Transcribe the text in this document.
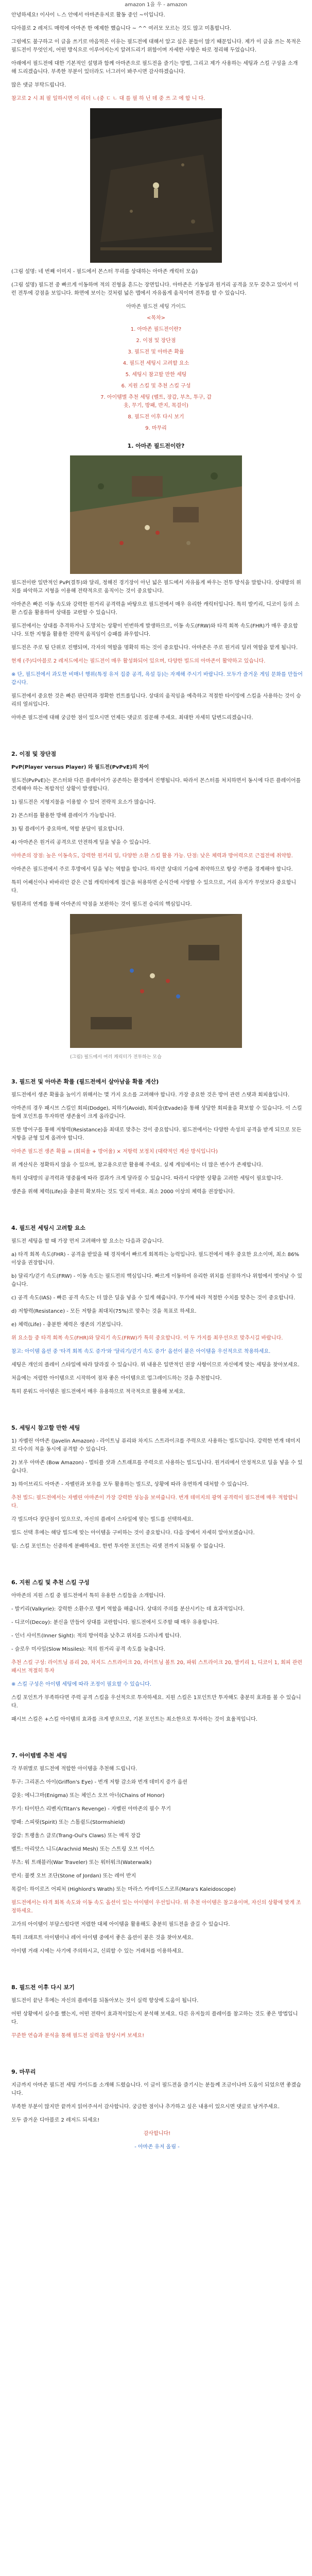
amazon 1을 우 - amazon
안녕하세요! 이사이 ㄴ스 안에서 아마존유저로 활동 중인 ~이입니다.
디아블로 2 레저드 매력에 아마존 한 예제한 했습니다 ~ ^^ 여러모 모르는 것도 많고 미흡합니다.
그럼에도 불구하고 이 글을 쓰기로 마음먹은 이유는 필드전에 대해서 알고 싶은 분들이 많기 때문입니다. 제가 이 글을 쓰는 목적은 필드전이 무엇인지, 어떤 방식으로 이루어지는지 알려드리기 위함이며 자세한 사항은 따로 정리해 두었습니다.
아래에서 필드전에 대한 기본적인 설명과 함께 아마존으로 필드전을 즐기는 방법, 그리고 제가 사용하는 세팅과 스킬 구성을 소개해 드리겠습니다. 부족한 부분이 있더라도 너그러이 봐주시면 감사하겠습니다.
많은 댓글 부탁드립니다.
참고로 2 시 최 필 일하시면 이 리더 ㄴ(중 ㄷ ㄴ 대 를 필 하 닌 데 중 쓰 고 에 합 니 다.
(그림 설명: 네 번째 이미지 - 필드에서 몬스터 무리를 상대하는 아마존 캐릭터 모습)
(그림 설명) 필드전 중 빠르게 이동하며 적의 진형을 흔드는 장면입니다. 아마존은 기동성과 원거리 공격을 모두 갖추고 있어서 이런 전투에 강점을 보입니다. 화면에 보이는 것처럼 넓은 맵에서 자유롭게 움직이며 전투를 할 수 있습니다.
아마존 필드전 세팅 가이드
<목차>
1. 아마존 필드전이란?
2. 이점 및 장단점
3. 필드전 및 아마존 확률
4. 필드전 세팅시 고려할 요소
5. 세팅시 참고할 만한 세팅
6. 지원 스킬 및 추천 스킬 구성
7. 아이템별 추천 세팅 (벨트, 장갑, 부츠, 투구, 갑옷, 무기, 방패, 반지, 목걸이)
8. 필드전 이후 다시 보기
9. 마무리
1. 아마존 필드전이란?
필드전이란 일반적인 PvP(결투)와 달리, 정해진 경기장이 아닌 넓은 필드에서 자유롭게 싸우는 전투 방식을 말합니다. 상대방의 위치를 파악하고 지형을 이용해 전략적으로 움직이는 것이 중요합니다.
아마존은 빠른 이동 속도와 강력한 원거리 공격력을 바탕으로 필드전에서 매우 유리한 캐릭터입니다. 특히 발키리, 디코이 등의 소환 스킬을 활용하여 상대를 교란할 수 있습니다.
필드전에서는 상대를 추격하거나 도망치는 상황이 빈번하게 발생하므로, 이동 속도(FRW)와 타격 회복 속도(FHR)가 매우 중요합니다. 또한 지형을 활용한 전략적 움직임이 승패를 좌우합니다.
필드전은 주로 팀 단위로 진행되며, 각자의 역할을 명확히 하는 것이 중요합니다. 아마존은 주로 원거리 딜러 역할을 맡게 됩니다.
현재 (주)디아블로 2 레저드에서는 필드전이 매우 활성화되어 있으며, 다양한 빌드의 아마존이 활약하고 있습니다.
※ 단, 필드전에서 과도한 비매너 행위(특정 유저 집중 공격, 욕설 등)는 자제해 주시기 바랍니다. 모두가 즐거운 게임 문화를 만들어 갑시다.
필드전에서 중요한 것은 빠른 판단력과 정확한 컨트롤입니다. 상대의 움직임을 예측하고 적절한 타이밍에 스킬을 사용하는 것이 승리의 열쇠입니다.
아마존 필드전에 대해 궁금한 점이 있으시면 언제든 댓글로 질문해 주세요. 최대한 자세히 답변드리겠습니다.
2. 이점 및 장단점
PvP(Player versus Player) 와 필드전(PvPvE)의 차이
필드전(PvPvE)는 몬스터와 다른 플레이어가 공존하는 환경에서 진행됩니다. 따라서 몬스터를 처치하면서 동시에 다른 플레이어를 견제해야 하는 복합적인 상황이 발생합니다.
1) 필드전은 지형지물을 이용할 수 있어 전략적 요소가 많습니다.
2) 몬스터를 활용한 방해 플레이가 가능합니다.
3) 팀 플레이가 중요하며, 역할 분담이 필요합니다.
4) 아마존은 원거리 공격으로 안전하게 딜을 넣을 수 있습니다.
아마존의 장점: 높은 이동속도, 강력한 원거리 딜, 다양한 소환 스킬 활용 가능. 단점: 낮은 체력과 방어력으로 근접전에 취약함.
아마존은 필드전에서 주로 후방에서 딜을 넣는 역할을 합니다. 하지만 상대의 기습에 취약하므로 항상 주변을 경계해야 합니다.
특히 어쌔신이나 바바리안 같은 근접 캐릭터에게 접근을 허용하면 순식간에 사망할 수 있으므로, 거리 유지가 무엇보다 중요합니다.
팀원과의 연계를 통해 아마존의 약점을 보완하는 것이 필드전 승리의 핵심입니다.
(그림) 필드에서 여러 캐릭터가 전투하는 모습
3. 필드전 및 아마존 확률 (필드전에서 살아남을 확률 계산)
필드전에서 생존 확률을 높이기 위해서는 몇 가지 요소를 고려해야 합니다. 가장 중요한 것은 방어 관련 스탯과 회피율입니다.
아마존의 경우 패시브 스킬인 회피(Dodge), 피하기(Avoid), 회피술(Evade)을 통해 상당한 회피율을 확보할 수 있습니다. 이 스킬들에 포인트를 투자하면 생존율이 크게 올라갑니다.
또한 방어구를 통해 저항력(Resistance)을 최대로 맞추는 것이 중요합니다. 필드전에서는 다양한 속성의 공격을 받게 되므로 모든 저항을 균형 있게 올려야 합니다.
아마존 필드전 생존 확률 = (회피율 + 방어율) × 저항력 보정치 (대략적인 계산 방식입니다)
위 계산식은 정확하지 않을 수 있으며, 참고용으로만 활용해 주세요. 실제 게임에서는 더 많은 변수가 존재합니다.
특히 상대방의 공격력과 명중률에 따라 결과가 크게 달라질 수 있습니다. 따라서 다양한 상황을 고려한 세팅이 필요합니다.
생존을 위해 체력(Life)을 충분히 확보하는 것도 잊지 마세요. 최소 2000 이상의 체력을 권장합니다.
4. 필드전 세팅시 고려할 요소
필드전 세팅을 할 때 가장 먼저 고려해야 할 요소는 다음과 같습니다.
a) 타격 회복 속도(FHR) - 공격을 받았을 때 경직에서 빠르게 회복하는 능력입니다. 필드전에서 매우 중요한 요소이며, 최소 86% 이상을 권장합니다.
b) 달리기/걷기 속도(FRW) - 이동 속도는 필드전의 핵심입니다. 빠르게 이동하여 유리한 위치를 선점하거나 위험에서 벗어날 수 있습니다.
c) 공격 속도(IAS) - 빠른 공격 속도는 더 많은 딜을 넣을 수 있게 해줍니다. 무기에 따라 적절한 수치를 맞추는 것이 중요합니다.
d) 저항력(Resistance) - 모든 저항을 최대치(75%)로 맞추는 것을 목표로 하세요.
e) 체력(Life) - 충분한 체력은 생존의 기본입니다.
위 요소들 중 타격 회복 속도(FHR)와 달리기 속도(FRW)가 특히 중요합니다. 이 두 가지를 최우선으로 맞추시길 바랍니다.
참고: 아이템 옵션 중 '타격 회복 속도 증가'와 '달리기/걷기 속도 증가' 옵션이 붙은 아이템을 우선적으로 착용하세요.
세팅은 개인의 플레이 스타일에 따라 달라질 수 있습니다. 위 내용은 일반적인 권장 사항이므로 자신에게 맞는 세팅을 찾아보세요.
처음에는 저렴한 아이템으로 시작하여 점차 좋은 아이템으로 업그레이드하는 것을 추천합니다.
특히 룬워드 아이템은 필드전에서 매우 유용하므로 적극적으로 활용해 보세요.
5. 세팅시 참고할 만한 세팅
1) 자벨린 아마존 (Javelin Amazon) - 라이트닝 퓨리와 차지드 스트라이크를 주력으로 사용하는 빌드입니다. 강력한 번개 데미지로 다수의 적을 동시에 공격할 수 있습니다.
2) 보우 아마존 (Bow Amazon) - 멀티플 샷과 스트래프를 주력으로 사용하는 빌드입니다. 원거리에서 안정적으로 딜을 넣을 수 있습니다.
3) 하이브리드 아마존 - 자벨린과 보우를 모두 활용하는 빌드로, 상황에 따라 유연하게 대처할 수 있습니다.
추천 빌드: 필드전에서는 자벨린 아마존이 가장 강력한 성능을 보여줍니다. 번개 데미지의 광역 공격력이 필드전에 매우 적합합니다.
각 빌드마다 장단점이 있으므로, 자신의 플레이 스타일에 맞는 빌드를 선택하세요.
빌드 선택 후에는 해당 빌드에 맞는 아이템을 구비하는 것이 중요합니다. 다음 장에서 자세히 알아보겠습니다.
팁: 스킬 포인트는 신중하게 분배하세요. 한번 투자한 포인트는 리셋 전까지 되돌릴 수 없습니다.
6. 지원 스킬 및 추천 스킬 구성
아마존의 지원 스킬 중 필드전에서 특히 유용한 스킬들을 소개합니다.
- 발키리(Valkyrie): 강력한 소환수로 탱커 역할을 해줍니다. 상대의 주의를 분산시키는 데 효과적입니다.
- 디코이(Decoy): 분신을 만들어 상대를 교란합니다. 필드전에서 도주할 때 매우 유용합니다.
- 인너 사이트(Inner Sight): 적의 방어력을 낮추고 위치를 드러나게 합니다.
- 슬로우 미사일(Slow Missiles): 적의 원거리 공격 속도를 늦춥니다.
추천 스킬 구성: 라이트닝 퓨리 20, 차지드 스트라이크 20, 라이트닝 볼트 20, 파워 스트라이크 20, 발키리 1, 디코이 1, 회피 관련 패시브 적절히 투자
※ 스킬 구성은 아이템 세팅에 따라 조정이 필요할 수 있습니다.
스킬 포인트가 부족하다면 주력 공격 스킬을 우선적으로 투자하세요. 지원 스킬은 1포인트만 투자해도 충분히 효과를 볼 수 있습니다.
패시브 스킬은 +스킬 아이템의 효과를 크게 받으므로, 기본 포인트는 최소한으로 투자하는 것이 효율적입니다.
7. 아이템별 추천 세팅
각 부위별로 필드전에 적합한 아이템을 추천해 드립니다.
투구: 그리폰스 아이(Griffon's Eye) - 번개 저항 감소와 번개 데미지 증가 옵션
갑옷: 에니그마(Enigma) 또는 체인스 오브 아너(Chains of Honor)
무기: 타이탄스 리벤지(Titan's Revenge) - 자벨린 아마존의 필수 무기
방패: 스피릿(Spirit) 또는 스톰쉴드(Stormshield)
장갑: 트랭울스 클로(Trang-Oul's Claws) 또는 매직 장갑
벨트: 아리앗스 니드(Arachnid Mesh) 또는 스트링 오브 이어스
부츠: 워 트래블러(War Traveler) 또는 워터워크(Waterwalk)
반지: 불켓 오브 조단(Stone of Jordan) 또는 레어 반지
목걸이: 하이로즈 어피처 (Highlord's Wrath) 또는 마라스 카레이도스코프(Mara's Kaleidoscope)
필드전에서는 타격 회복 속도와 이동 속도 옵션이 있는 아이템이 우선입니다. 위 추천 아이템은 참고용이며, 자신의 상황에 맞게 조정하세요.
고가의 아이템이 부담스럽다면 저렴한 대체 아이템을 활용해도 충분히 필드전을 즐길 수 있습니다.
특히 크래프트 아이템이나 레어 아이템 중에서 좋은 옵션이 붙은 것을 찾아보세요.
아이템 거래 시에는 사기에 주의하시고, 신뢰할 수 있는 거래처를 이용하세요.
8. 필드전 이후 다시 보기
필드전이 끝난 후에는 자신의 플레이를 되돌아보는 것이 실력 향상에 도움이 됩니다.
어떤 상황에서 실수를 했는지, 어떤 전략이 효과적이었는지 분석해 보세요. 다른 유저들의 플레이를 참고하는 것도 좋은 방법입니다.
꾸준한 연습과 분석을 통해 필드전 실력을 향상시켜 보세요!
9. 마무리
지금까지 아마존 필드전 세팅 가이드를 소개해 드렸습니다. 이 글이 필드전을 즐기시는 분들께 조금이나마 도움이 되었으면 좋겠습니다.
부족한 부분이 많지만 끝까지 읽어주셔서 감사합니다. 궁금한 점이나 추가하고 싶은 내용이 있으시면 댓글로 남겨주세요.
모두 즐거운 디아블로 2 레저드 되세요!
감사합니다!
- 아마존 유저 올림 -
